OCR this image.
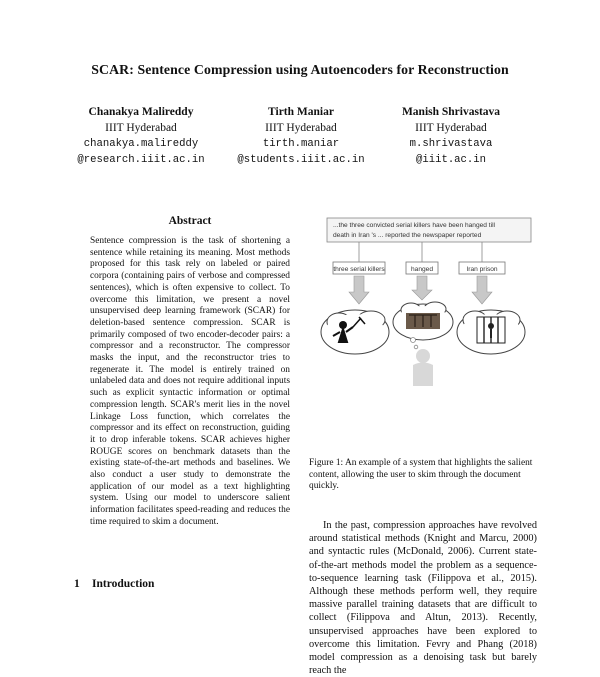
SCAR: Sentence Compression using Autoencoders for Reconstruction
Chanakya Malireddy
IIIT Hyderabad
chanakya.malireddy
@research.iiit.ac.in
Tirth Maniar
IIIT Hyderabad
tirth.maniar
@students.iiit.ac.in
Manish Shrivastava
IIIT Hyderabad
m.shrivastava
@iiit.ac.in
Abstract
Sentence compression is the task of shortening a sentence while retaining its meaning. Most methods proposed for this task rely on labeled or paired corpora (containing pairs of verbose and compressed sentences), which is often expensive to collect. To overcome this limitation, we present a novel unsupervised deep learning framework (SCAR) for deletion-based sentence compression. SCAR is primarily composed of two encoder-decoder pairs: a compressor and a reconstructor. The compressor masks the input, and the reconstructor tries to regenerate it. The model is entirely trained on unlabeled data and does not require additional inputs such as explicit syntactic information or optimal compression length. SCAR's merit lies in the novel Linkage Loss function, which correlates the compressor and its effect on reconstruction, guiding it to drop inferable tokens. SCAR achieves higher ROUGE scores on benchmark datasets than the existing state-of-the-art methods and baselines. We also conduct a user study to demonstrate the application of our model as a text highlighting system. Using our model to underscore salient information facilitates speed-reading and reduces the time required to skim a document.
1 Introduction
...the three convicted serial killers have been hanged till
death in Iran 's ... reported the newspaper reported
three serial killers	hanged	Iran prison
Figure 1: An example of a system that highlights the salient content, allowing the user to skim through the document quickly.
In the past, compression approaches have revolved around statistical methods (Knight and Marcu, 2000) and syntactic rules (McDonald, 2006). Current state-of-the-art methods model the problem as a sequence-to-sequence learning task (Filippova et al., 2015). Although these methods perform well, they require massive parallel training datasets that are difficult to collect (Filippova and Altun, 2013). Recently, unsupervised approaches have been explored to overcome this limitation. Fevry and Phang (2018) model compression as a denoising task but barely reach the
